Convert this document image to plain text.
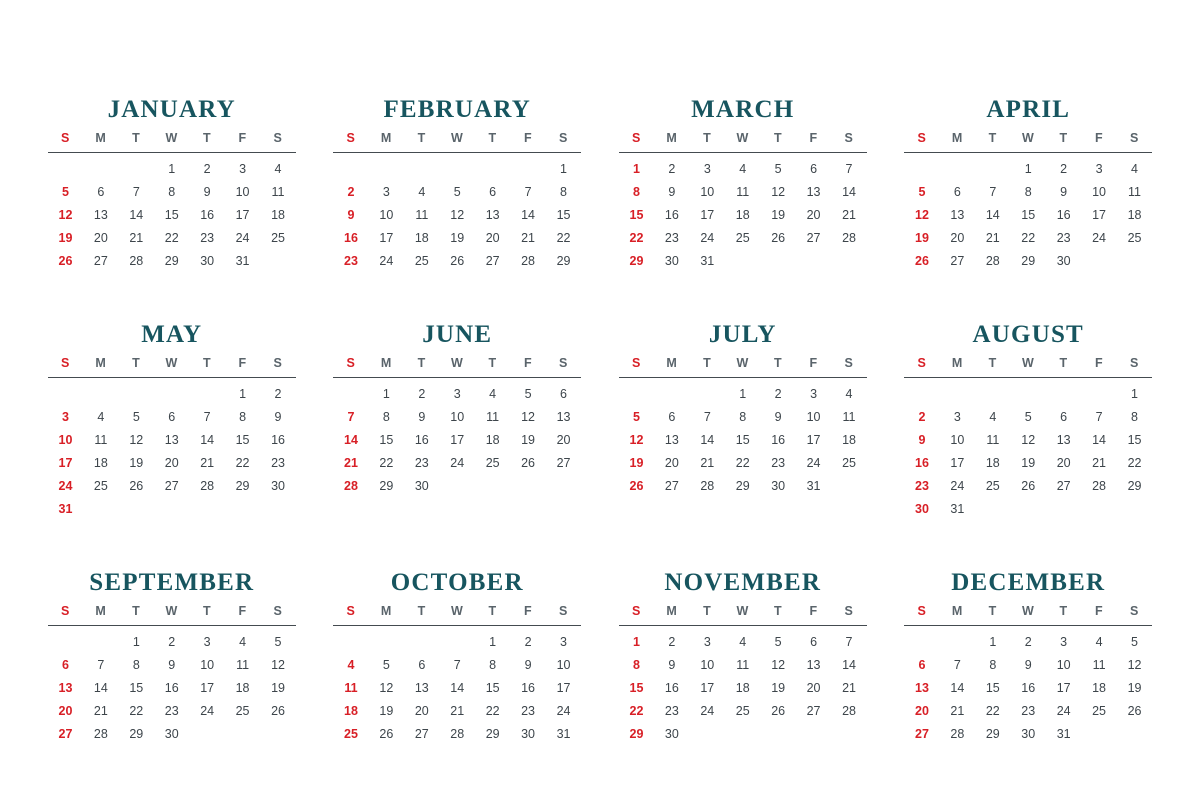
JANUARY
S	M	T	W	T	F	S
			1	2	3	4
5	6	7	8	9	10	11
12	13	14	15	16	17	18
19	20	21	22	23	24	25
26	27	28	29	30	31	
FEBRUARY
S	M	T	W	T	F	S
						1
2	3	4	5	6	7	8
9	10	11	12	13	14	15
16	17	18	19	20	21	22
23	24	25	26	27	28	29
MARCH
S	M	T	W	T	F	S
1	2	3	4	5	6	7
8	9	10	11	12	13	14
15	16	17	18	19	20	21
22	23	24	25	26	27	28
29	30	31				
APRIL
S	M	T	W	T	F	S
			1	2	3	4
5	6	7	8	9	10	11
12	13	14	15	16	17	18
19	20	21	22	23	24	25
26	27	28	29	30		
MAY
S	M	T	W	T	F	S
					1	2
3	4	5	6	7	8	9
10	11	12	13	14	15	16
17	18	19	20	21	22	23
24	25	26	27	28	29	30
31						
JUNE
S	M	T	W	T	F	S
	1	2	3	4	5	6
7	8	9	10	11	12	13
14	15	16	17	18	19	20
21	22	23	24	25	26	27
28	29	30				
JULY
S	M	T	W	T	F	S
			1	2	3	4
5	6	7	8	9	10	11
12	13	14	15	16	17	18
19	20	21	22	23	24	25
26	27	28	29	30	31	
AUGUST
S	M	T	W	T	F	S
						1
2	3	4	5	6	7	8
9	10	11	12	13	14	15
16	17	18	19	20	21	22
23	24	25	26	27	28	29
30	31					
SEPTEMBER
S	M	T	W	T	F	S
		1	2	3	4	5
6	7	8	9	10	11	12
13	14	15	16	17	18	19
20	21	22	23	24	25	26
27	28	29	30			
OCTOBER
S	M	T	W	T	F	S
				1	2	3
4	5	6	7	8	9	10
11	12	13	14	15	16	17
18	19	20	21	22	23	24
25	26	27	28	29	30	31
NOVEMBER
S	M	T	W	T	F	S
1	2	3	4	5	6	7
8	9	10	11	12	13	14
15	16	17	18	19	20	21
22	23	24	25	26	27	28
29	30					
DECEMBER
S	M	T	W	T	F	S
		1	2	3	4	5
6	7	8	9	10	11	12
13	14	15	16	17	18	19
20	21	22	23	24	25	26
27	28	29	30	31		
